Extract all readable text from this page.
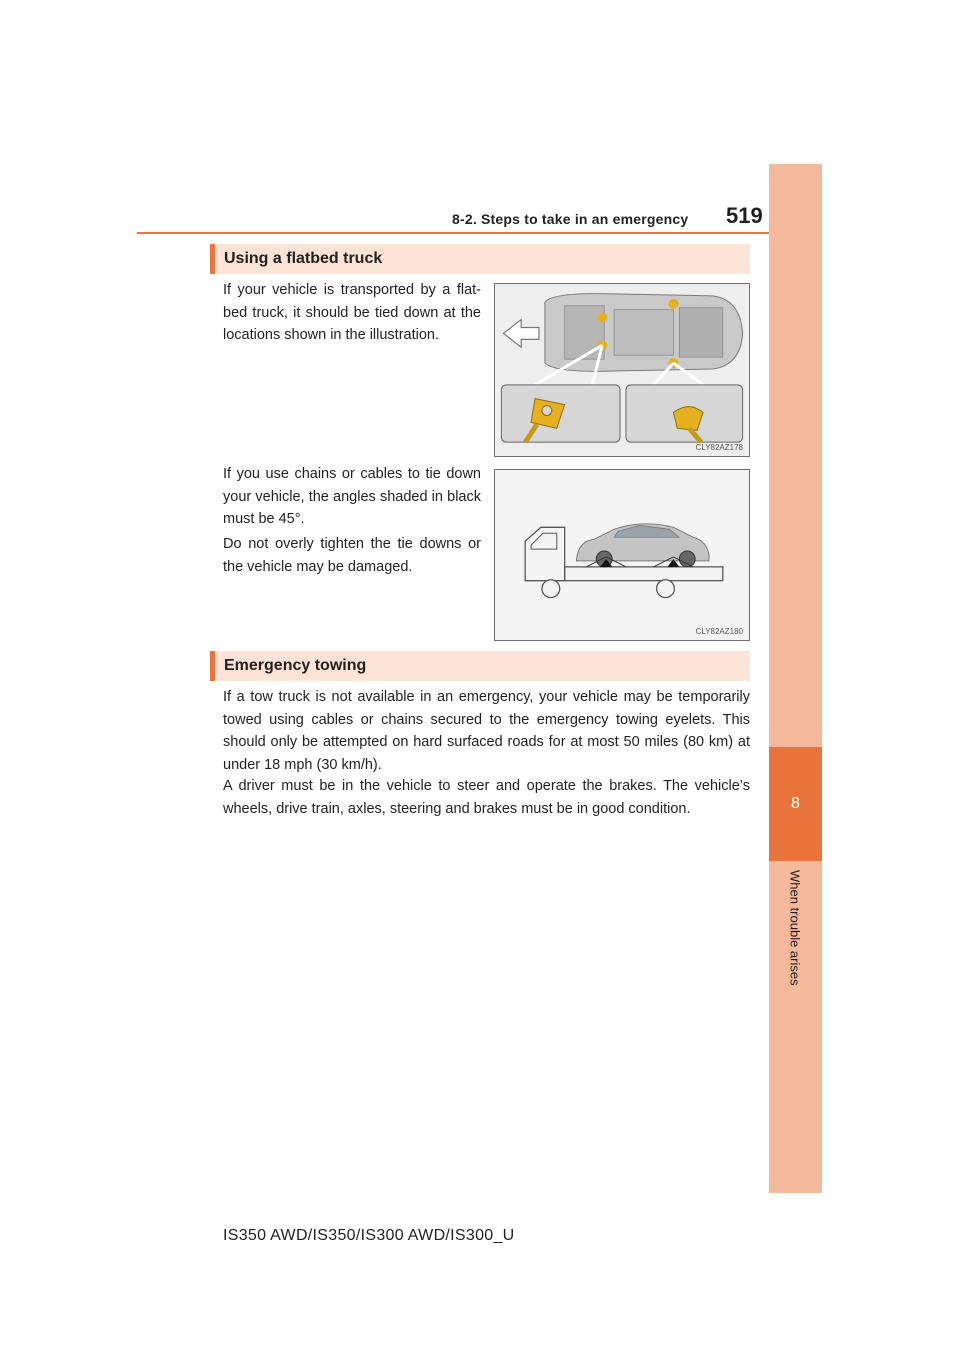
8-2. Steps to take in an emergency 519
8
When trouble arises
Using a flatbed truck

If your vehicle is transported by a flat-bed truck, it should be tied down at the locations shown in the illustration.

CLY82AZ178

If you use chains or cables to tie down your vehicle, the angles shaded in black must be 45°.

Do not overly tighten the tie downs or the vehicle may be damaged.

CLY82AZ180
Emergency towing

If a tow truck is not available in an emergency, your vehicle may be temporarily towed using cables or chains secured to the emergency towing eyelets. This should only be attempted on hard surfaced roads for at most 50 miles (80 km) at under 18 mph (30 km/h).

A driver must be in the vehicle to steer and operate the brakes. The vehicle’s wheels, drive train, axles, steering and brakes must be in good condition.

IS350 AWD/IS350/IS300 AWD/IS300_U
